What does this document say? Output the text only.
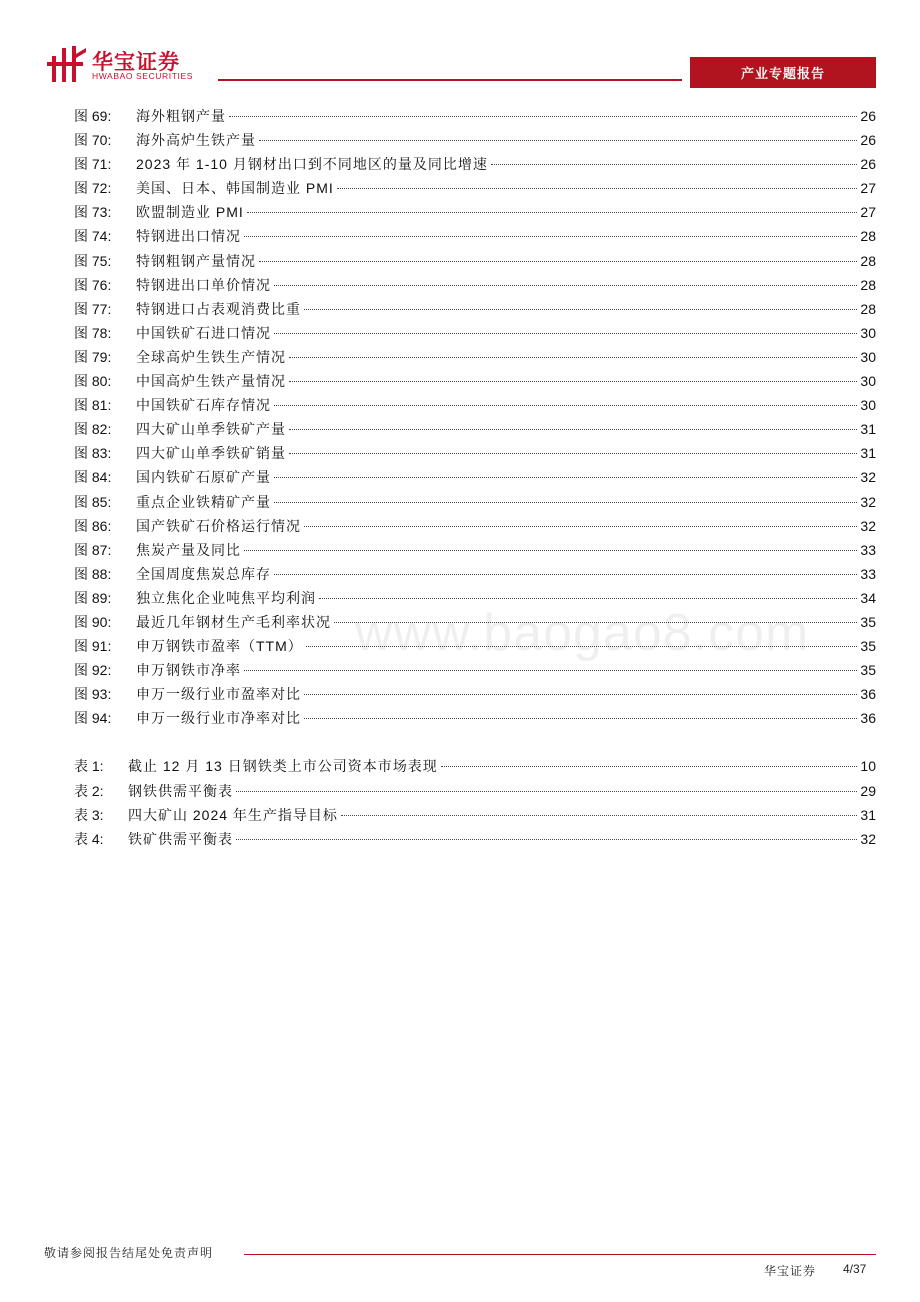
华宝证券
HWABAO SECURITIES	产业专题报告
图 69:	海外粗钢产量	26
图 70:	海外高炉生铁产量	26
图 71:	2023 年 1-10 月钢材出口到不同地区的量及同比增速	26
图 72:	美国、日本、韩国制造业 PMI	27
图 73:	欧盟制造业 PMI	27
图 74:	特钢进出口情况	28
图 75:	特钢粗钢产量情况	28
图 76:	特钢进出口单价情况	28
图 77:	特钢进口占表观消费比重	28
图 78:	中国铁矿石进口情况	30
图 79:	全球高炉生铁生产情况	30
图 80:	中国高炉生铁产量情况	30
图 81:	中国铁矿石库存情况	30
图 82:	四大矿山单季铁矿产量	31
图 83:	四大矿山单季铁矿销量	31
图 84:	国内铁矿石原矿产量	32
图 85:	重点企业铁精矿产量	32
图 86:	国产铁矿石价格运行情况	32
图 87:	焦炭产量及同比	33
图 88:	全国周度焦炭总库存	33
图 89:	独立焦化企业吨焦平均利润	34
图 90:	最近几年钢材生产毛利率状况	35
图 91:	申万钢铁市盈率（TTM）	35
图 92:	申万钢铁市净率	35
图 93:	申万一级行业市盈率对比	36
图 94:	申万一级行业市净率对比	36
表 1:	截止 12 月 13 日钢铁类上市公司资本市场表现	10
表 2:	钢铁供需平衡表	29
表 3:	四大矿山 2024 年生产指导目标	31
表 4:	铁矿供需平衡表	32
www.baogao8.com
敬请参阅报告结尾处免责声明
华宝证券 4/37
